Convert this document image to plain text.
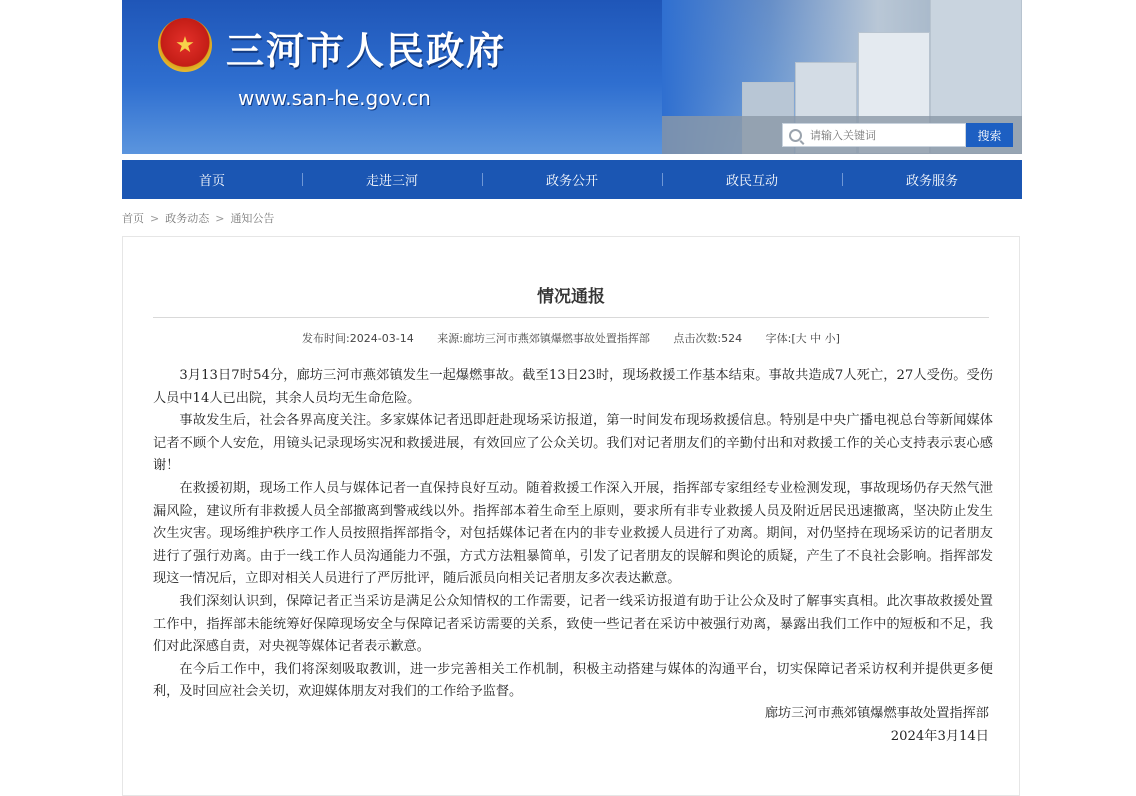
★ 三河市人民政府
www.san-he.gov.cn
请输入关键词
搜索
首页	走进三河	政务公开	政民互动	政务服务
首页 > 政务动态 > 通知公告
情况通报
发布时间:2024-03-14 来源:廊坊三河市燕郊镇爆燃事故处置指挥部 点击次数:524 字体:[大 中 小]

3月13日7时54分，廊坊三河市燕郊镇发生一起爆燃事故。截至13日23时，现场救援工作基本结束。事故共造成7人死亡，27人受伤。受伤人员中14人已出院，其余人员均无生命危险。

事故发生后，社会各界高度关注。多家媒体记者迅即赶赴现场采访报道，第一时间发布现场救援信息。特别是中央广播电视总台等新闻媒体记者不顾个人安危，用镜头记录现场实况和救援进展，有效回应了公众关切。我们对记者朋友们的辛勤付出和对救援工作的关心支持表示衷心感谢！

在救援初期，现场工作人员与媒体记者一直保持良好互动。随着救援工作深入开展，指挥部专家组经专业检测发现，事故现场仍存天然气泄漏风险，建议所有非救援人员全部撤离到警戒线以外。指挥部本着生命至上原则，要求所有非专业救援人员及附近居民迅速撤离，坚决防止发生次生灾害。现场维护秩序工作人员按照指挥部指令，对包括媒体记者在内的非专业救援人员进行了劝离。期间，对仍坚持在现场采访的记者朋友进行了强行劝离。由于一线工作人员沟通能力不强，方式方法粗暴简单，引发了记者朋友的误解和舆论的质疑，产生了不良社会影响。指挥部发现这一情况后，立即对相关人员进行了严厉批评，随后派员向相关记者朋友多次表达歉意。

我们深刻认识到，保障记者正当采访是满足公众知情权的工作需要，记者一线采访报道有助于让公众及时了解事实真相。此次事故救援处置工作中，指挥部未能统筹好保障现场安全与保障记者采访需要的关系，致使一些记者在采访中被强行劝离，暴露出我们工作中的短板和不足，我们对此深感自责，对央视等媒体记者表示歉意。

在今后工作中，我们将深刻吸取教训，进一步完善相关工作机制，积极主动搭建与媒体的沟通平台，切实保障记者采访权利并提供更多便利，及时回应社会关切，欢迎媒体朋友对我们的工作给予监督。

廊坊三河市燕郊镇爆燃事故处置指挥部
2024年3月14日
